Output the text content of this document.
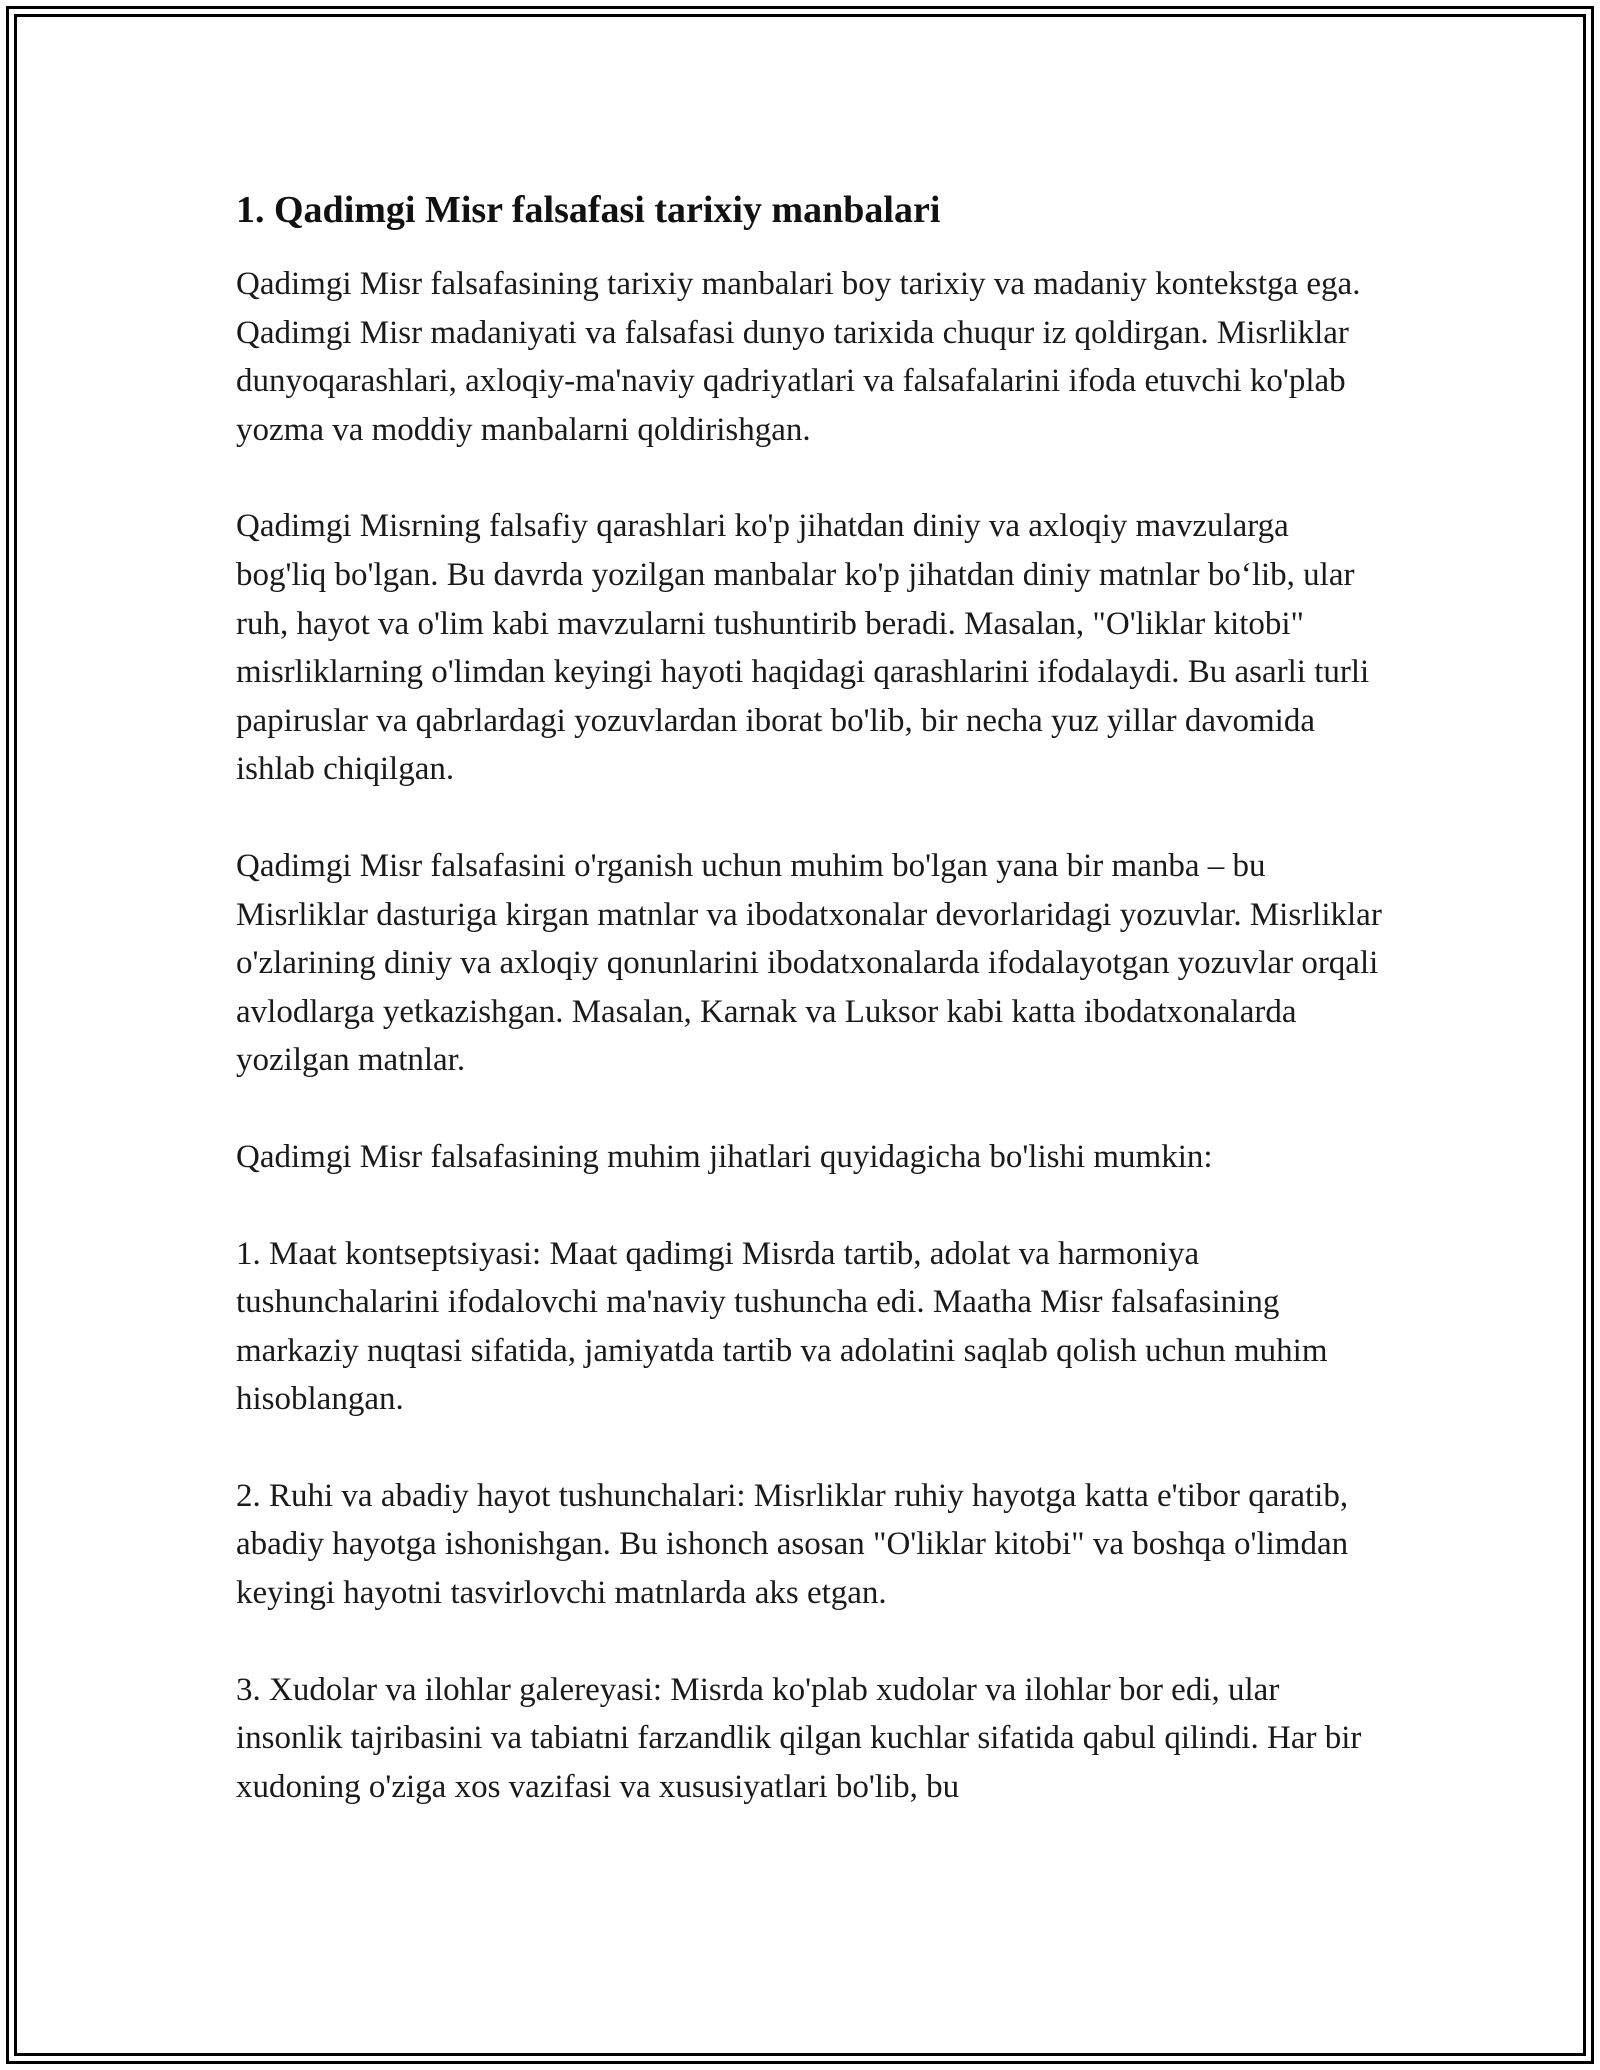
1. Qadimgi Misr falsafasi tarixiy manbalari

Qadimgi Misr falsafasining tarixiy manbalari boy tarixiy va madaniy kontekstga ega. Qadimgi Misr madaniyati va falsafasi dunyo tarixida chuqur iz qoldirgan. Misrliklar dunyoqarashlari, axloqiy-ma'naviy qadriyatlari va falsafalarini ifoda etuvchi ko'plab yozma va moddiy manbalarni qoldirishgan.

Qadimgi Misrning falsafiy qarashlari ko'p jihatdan diniy va axloqiy mavzularga bog'liq bo'lgan. Bu davrda yozilgan manbalar ko'p jihatdan diniy matnlar bo‘lib, ular ruh, hayot va o'lim kabi mavzularni tushuntirib beradi. Masalan, "O'liklar kitobi" misrliklarning o'limdan keyingi hayoti haqidagi qarashlarini ifodalaydi. Bu asarli turli papiruslar va qabrlardagi yozuvlardan iborat bo'lib, bir necha yuz yillar davomida ishlab chiqilgan.

Qadimgi Misr falsafasini o'rganish uchun muhim bo'lgan yana bir manba – bu Misrliklar dasturiga kirgan matnlar va ibodatxonalar devorlaridagi yozuvlar. Misrliklar o'zlarining diniy va axloqiy qonunlarini ibodatxonalarda ifodalayotgan yozuvlar orqali avlodlarga yetkazishgan. Masalan, Karnak va Luksor kabi katta ibodatxonalarda yozilgan matnlar.

Qadimgi Misr falsafasining muhim jihatlari quyidagicha bo'lishi mumkin:

1. Maat kontseptsiyasi: Maat qadimgi Misrda tartib, adolat va harmoniya tushunchalarini ifodalovchi ma'naviy tushuncha edi. Maatha Misr falsafasining markaziy nuqtasi sifatida, jamiyatda tartib va adolatini saqlab qolish uchun muhim hisoblangan.

2. Ruhi va abadiy hayot tushunchalari: Misrliklar ruhiy hayotga katta e'tibor qaratib, abadiy hayotga ishonishgan. Bu ishonch asosan "O'liklar kitobi" va boshqa o'limdan keyingi hayotni tasvirlovchi matnlarda aks etgan.

3. Xudolar va ilohlar galereyasi: Misrda ko'plab xudolar va ilohlar bor edi, ular insonlik tajribasini va tabiatni farzandlik qilgan kuchlar sifatida qabul qilindi. Har bir xudoning o'ziga xos vazifasi va xususiyatlari bo'lib, bu
